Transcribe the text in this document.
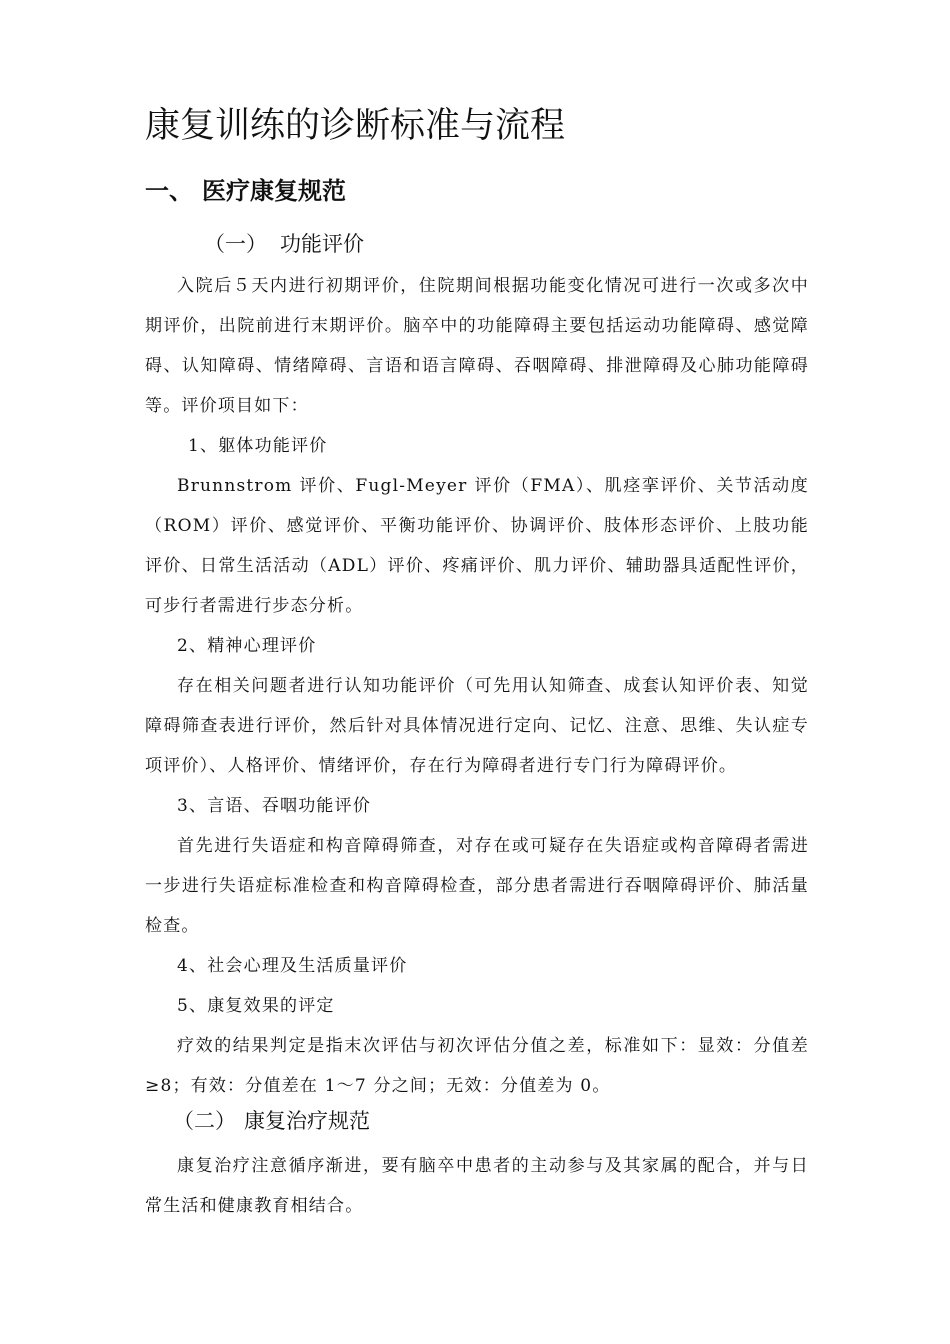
康复训练的诊断标准与流程
一、 医疗康复规范
（一） 功能评价
入院后５天内进行初期评价，住院期间根据功能变化情况可进行一次或多次中期评价，出院前进行末期评价。脑卒中的功能障碍主要包括运动功能障碍、感觉障碍、认知障碍、情绪障碍、言语和语言障碍、吞咽障碍、排泄障碍及心肺功能障碍等。评价项目如下：
1、躯体功能评价
Brunnstrom 评价、Fugl-Meyer 评价（FMA）、肌痉挛评价、关节活动度（ROM）评价、感觉评价、平衡功能评价、协调评价、肢体形态评价、上肢功能评价、日常生活活动（ADL）评价、疼痛评价、肌力评价、辅助器具适配性评价，可步行者需进行步态分析。
2、精神心理评价
存在相关问题者进行认知功能评价（可先用认知筛查、成套认知评价表、知觉障碍筛查表进行评价，然后针对具体情况进行定向、记忆、注意、思维、失认症专项评价）、人格评价、情绪评价，存在行为障碍者进行专门行为障碍评价。
3、言语、吞咽功能评价
首先进行失语症和构音障碍筛查，对存在或可疑存在失语症或构音障碍者需进一步进行失语症标准检查和构音障碍检查，部分患者需进行吞咽障碍评价、肺活量检查。
4、社会心理及生活质量评价
5、康复效果的评定
疗效的结果判定是指末次评估与初次评估分值之差，标准如下：显效：分值差≥8；有效：分值差在 1～7 分之间；无效：分值差为 0。
（二） 康复治疗规范
康复治疗注意循序渐进，要有脑卒中患者的主动参与及其家属的配合，并与日常生活和健康教育相结合。
